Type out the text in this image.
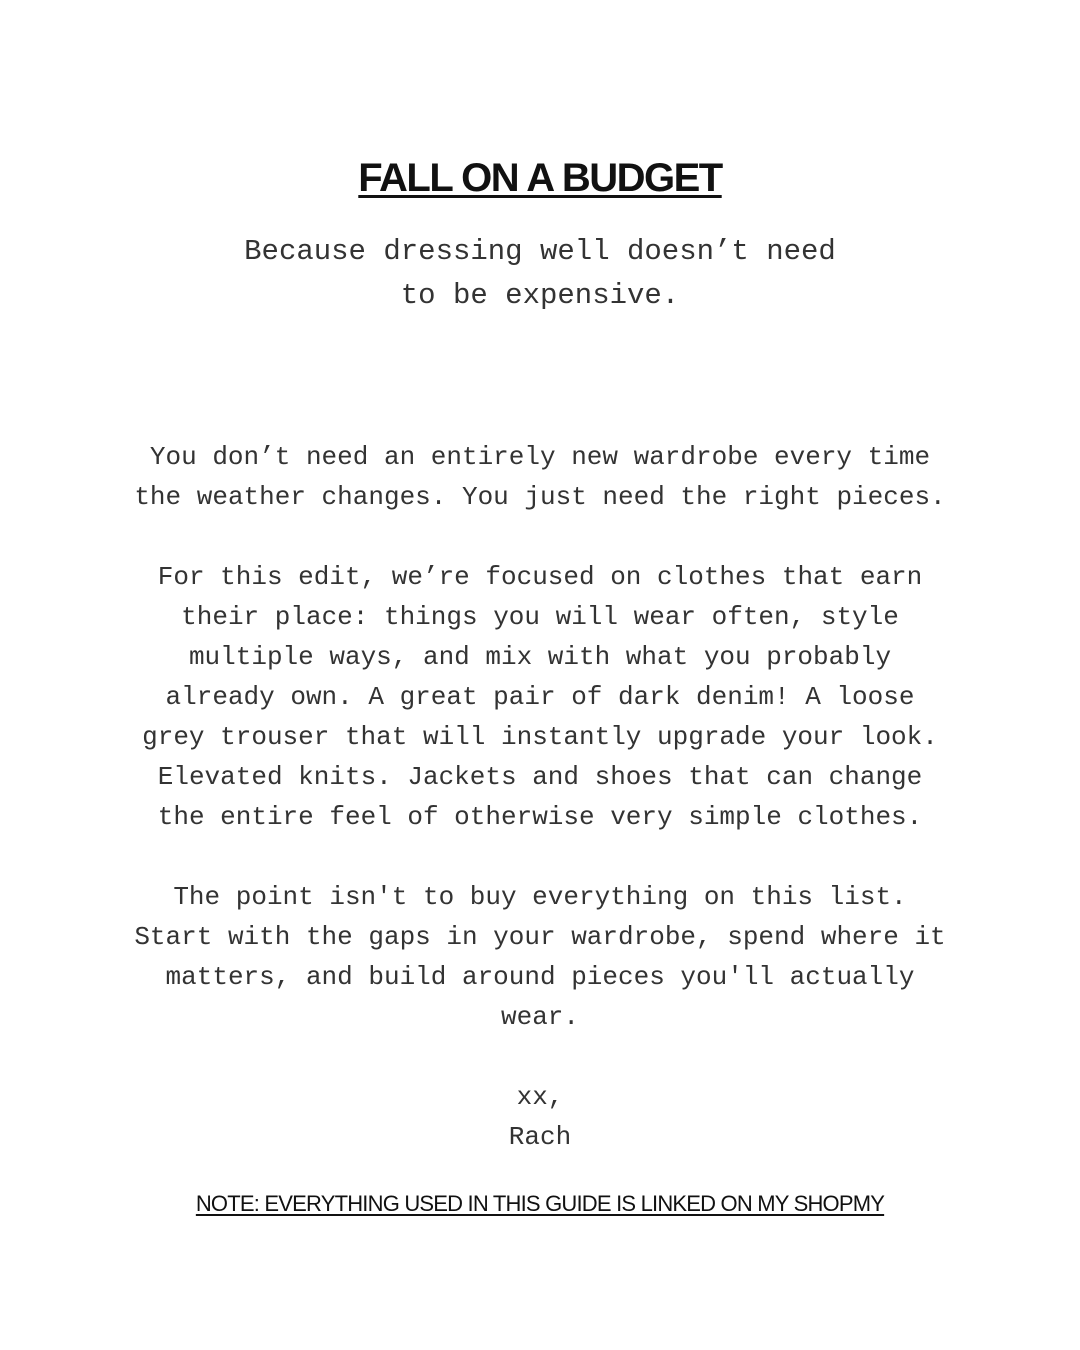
FALL ON A BUDGET
Because dressing well doesn’t need
to be expensive.
You don’t need an entirely new wardrobe every time
the weather changes. You just need the right pieces.
For this edit, we’re focused on clothes that earn
their place: things you will wear often, style
multiple ways, and mix with what you probably
already own. A great pair of dark denim! A loose
grey trouser that will instantly upgrade your look.
Elevated knits. Jackets and shoes that can change
the entire feel of otherwise very simple clothes.
The point isn't to buy everything on this list.
Start with the gaps in your wardrobe, spend where it
matters, and build around pieces you'll actually
wear.
xx,
Rach

NOTE: EVERYTHING USED IN THIS GUIDE IS LINKED ON MY SHOPMY
